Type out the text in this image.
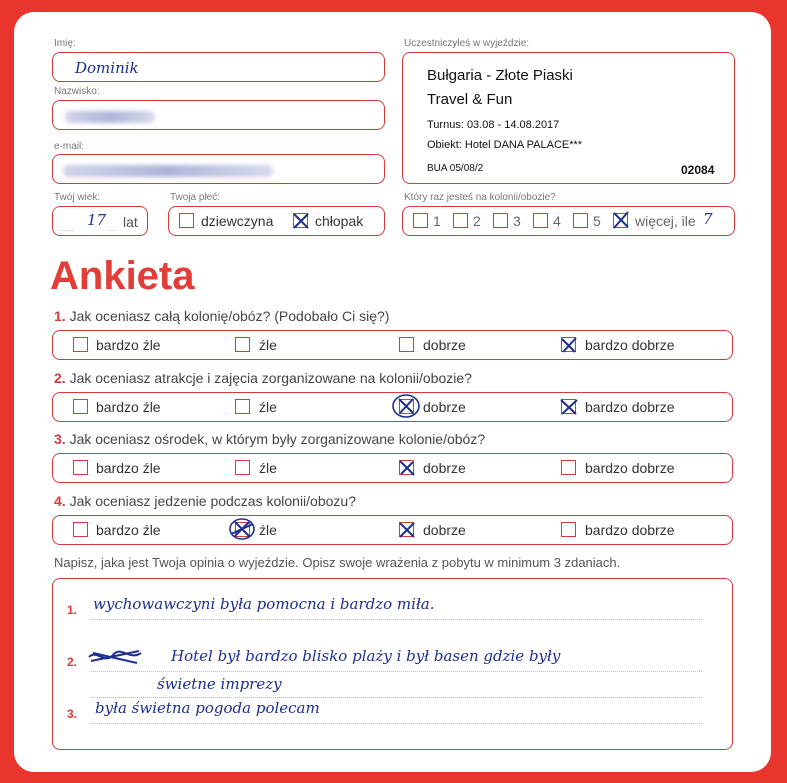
Imię:
Dominik
Nazwisko:
e-mail:
Uczestniczyłeś w wyjeździe:
Bułgaria - Złote Piaski
Travel & Fun
Turnus: 03.08 - 14.08.2017
Obiekt: Hotel DANA PALACE***
BUA 05/08/2	02084
Twój wiek:
...... 17 .... lat
Twoja płeć:
dziewczyna	chłopak
Który raz jesteś na kolonii/obozie?
1 2 3 4 5 więcej, ile 7
Ankieta
1. Jak oceniasz całą kolonię/obóz? (Podobało Ci się?)
bardzo źle	źle	dobrze	bardzo dobrze
2. Jak oceniasz atrakcje i zajęcia zorganizowane na kolonii/obozie?
bardzo źle	źle	dobrze	bardzo dobrze
3. Jak oceniasz ośrodek, w którym były zorganizowane kolonie/obóz?
bardzo źle	źle	dobrze	bardzo dobrze
4. Jak oceniasz jedzenie podczas kolonii/obozu?
bardzo źle	źle	dobrze	bardzo dobrze
Napisz, jaka jest Twoja opinia o wyjeździe. Opisz swoje wrażenia z pobytu w minimum 3 zdaniach.
1. wychowawczyni była pomocna i bardzo miła.
2.	Hotel był bardzo blisko plaży i był basen gdzie były
świetne imprezy
3. była świetna pogoda polecam
